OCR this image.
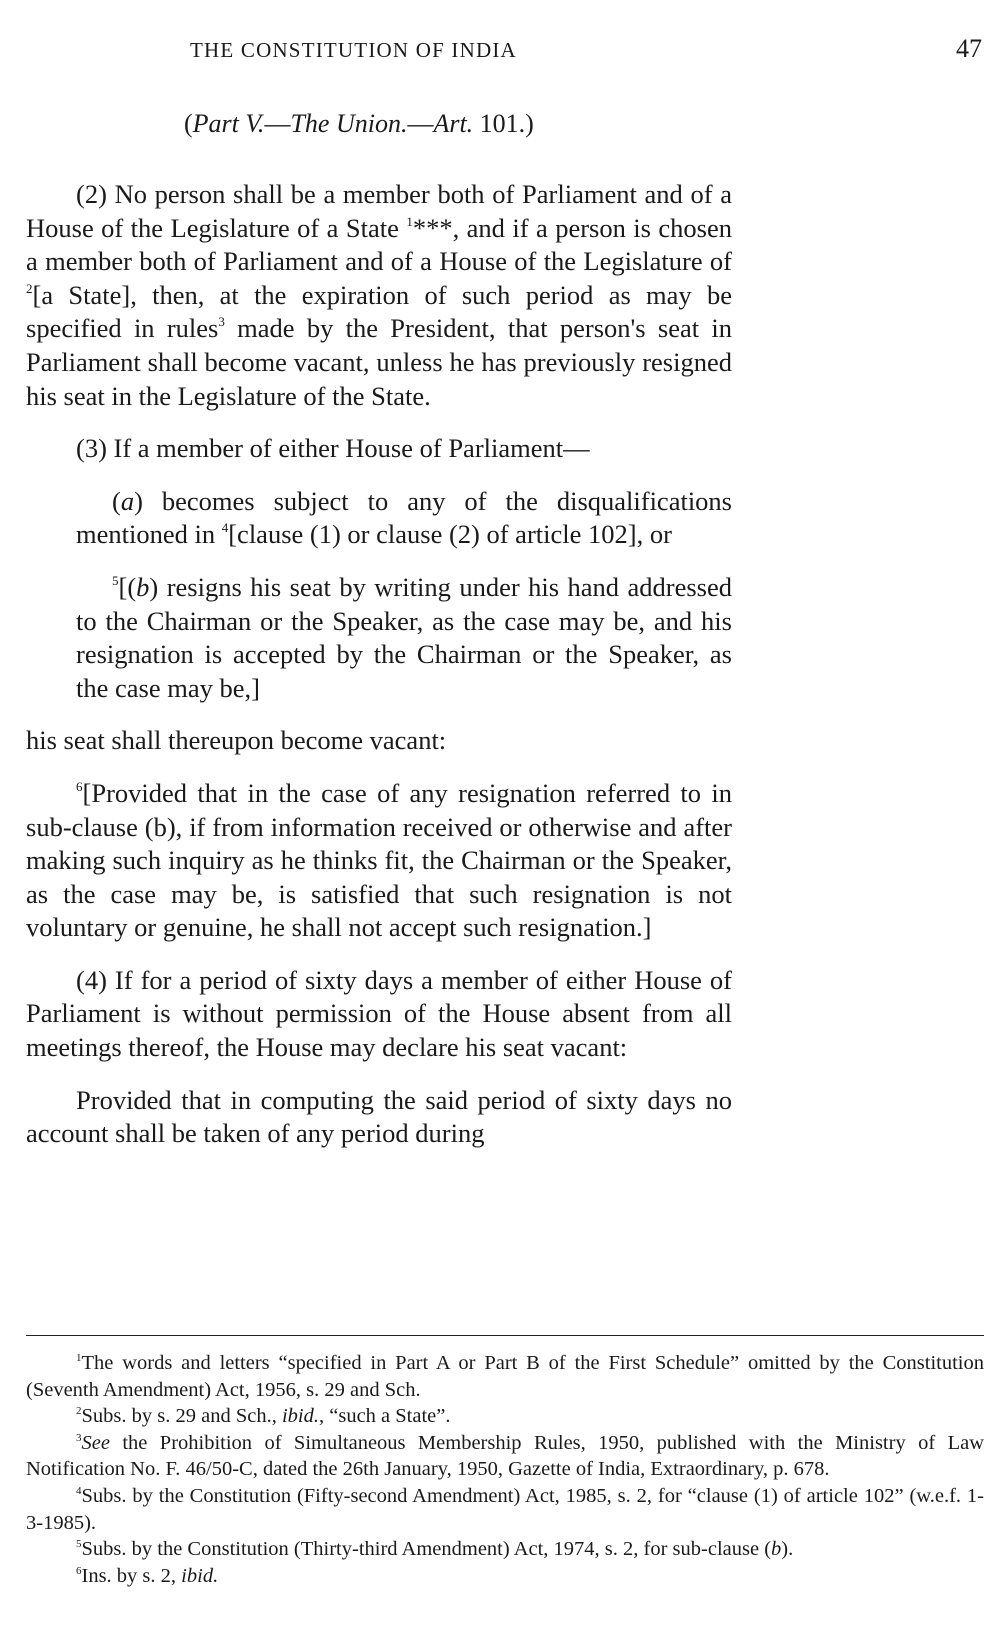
THE CONSTITUTION OF INDIA	47
(Part V.—The Union.—Art. 101.)

(2) No person shall be a member both of Parliament and of a House of the Legislature of a State $^1$***, and if a person is chosen a member both of Parliament and of a House of the Legislature of $^2$[a State], then, at the expiration of such period as may be specified in rules$^3$ made by the President, that person's seat in Parliament shall become vacant, unless he has previously resigned his seat in the Legislature of the State.

(3) If a member of either House of Parliament—

(a) becomes subject to any of the disqualifications mentioned in $^4$[clause (1) or clause (2) of article 102], or

$^5$[(b) resigns his seat by writing under his hand addressed to the Chairman or the Speaker, as the case may be, and his resignation is accepted by the Chairman or the Speaker, as the case may be,]

his seat shall thereupon become vacant:

$^6$[Provided that in the case of any resignation referred to in sub-clause (b), if from information received or otherwise and after making such inquiry as he thinks fit, the Chairman or the Speaker, as the case may be, is satisfied that such resignation is not voluntary or genuine, he shall not accept such resignation.]

(4) If for a period of sixty days a member of either House of Parliament is without permission of the House absent from all meetings thereof, the House may declare his seat vacant:

Provided that in computing the said period of sixty days no account shall be taken of any period during

$^1$The words and letters “specified in Part A or Part B of the First Schedule” omitted by the Constitution (Seventh Amendment) Act, 1956, s. 29 and Sch.

$^2$Subs. by s. 29 and Sch., ibid., “such a State”.

$^3$See the Prohibition of Simultaneous Membership Rules, 1950, published with the Ministry of Law Notification No. F. 46/50-C, dated the 26th January, 1950, Gazette of India, Extraordinary, p. 678.

$^4$Subs. by the Constitution (Fifty-second Amendment) Act, 1985, s. 2, for “clause (1) of article 102” (w.e.f. 1-3-1985).

$^5$Subs. by the Constitution (Thirty-third Amendment) Act, 1974, s. 2, for sub-clause (b).

$^6$Ins. by s. 2, ibid.
